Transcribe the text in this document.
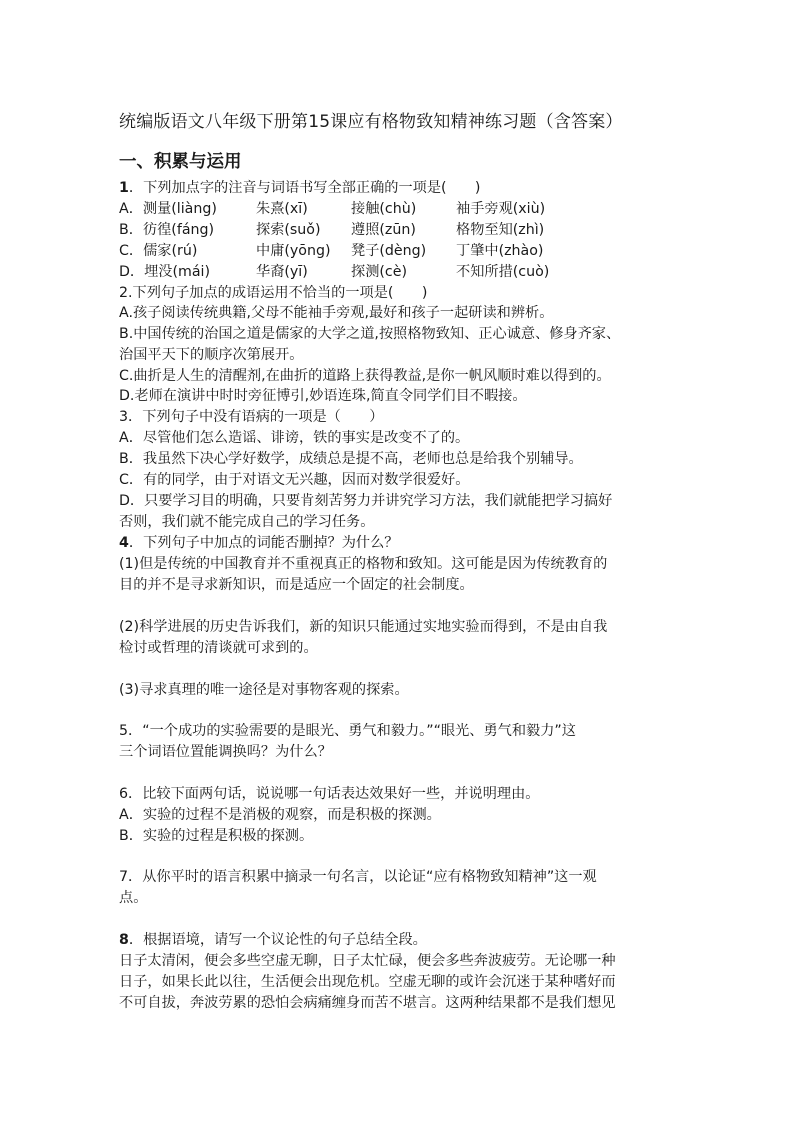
统编版语文八年级下册第15课应有格物致知精神练习题（含答案）
一、积累与运用
1．下列加点字的注音与词语书写全部正确的一项是(　　)
A．测量(liàng)	朱熹(xī)	接触(chù)	袖手旁观(xiù)
B．彷徨(fáng)	探索(suǒ) 遵照(zūn)	格物至知(zhì)
C．儒家(rú)	中庸(yōng) 凳子(dèng) 丁肇中(zhào)
D．埋没(mái)	华裔(yī)	探测(cè)	不知所措(cuò)
2.下列句子加点的成语运用不恰当的一项是(　　)
A.孩子阅读传统典籍,父母不能袖手旁观,最好和孩子一起研读和辨析。
B.中国传统的治国之道是儒家的大学之道,按照格物致知、正心诚意、修身齐家、
治国平天下的顺序次第展开。
C.曲折是人生的清醒剂,在曲折的道路上获得教益,是你一帆风顺时难以得到的。
D.老师在演讲中时时旁征博引,妙语连珠,简直令同学们目不暇接。
3．下列句子中没有语病的一项是（　　）
A．尽管他们怎么造谣、诽谤，铁的事实是改变不了的。
B．我虽然下决心学好数学，成绩总是提不高，老师也总是给我个别辅导。
C．有的同学，由于对语文无兴趣，因而对数学很爱好。
D．只要学习目的明确，只要肯刻苦努力并讲究学习方法，我们就能把学习搞好
否则，我们就不能完成自己的学习任务。
4．下列句子中加点的词能否删掉？为什么？
(1)但是传统的中国教育并不重视真正的格物和致知。这可能是因为传统教育的
目的并不是寻求新知识，而是适应一个固定的社会制度。
(2)科学进展的历史告诉我们，新的知识只能通过实地实验而得到，不是由自我
检讨或哲理的清谈就可求到的。
(3)寻求真理的唯一途径是对事物客观的探索。
5．“一个成功的实验需要的是眼光、勇气和毅力。”“眼光、勇气和毅力”这
三个词语位置能调换吗？为什么？
6．比较下面两句话，说说哪一句话表达效果好一些，并说明理由。
A．实验的过程不是消极的观察，而是积极的探测。
B．实验的过程是积极的探测。
7．从你平时的语言积累中摘录一句名言，以论证“应有格物致知精神”这一观
点。
8．根据语境，请写一个议论性的句子总结全段。
日子太清闲，便会多些空虚无聊，日子太忙碌，便会多些奔波疲劳。无论哪一种
日子，如果长此以往，生活便会出现危机。空虚无聊的或许会沉迷于某种嗜好而
不可自拔，奔波劳累的恐怕会病痛缠身而苦不堪言。这两种结果都不是我们想见
